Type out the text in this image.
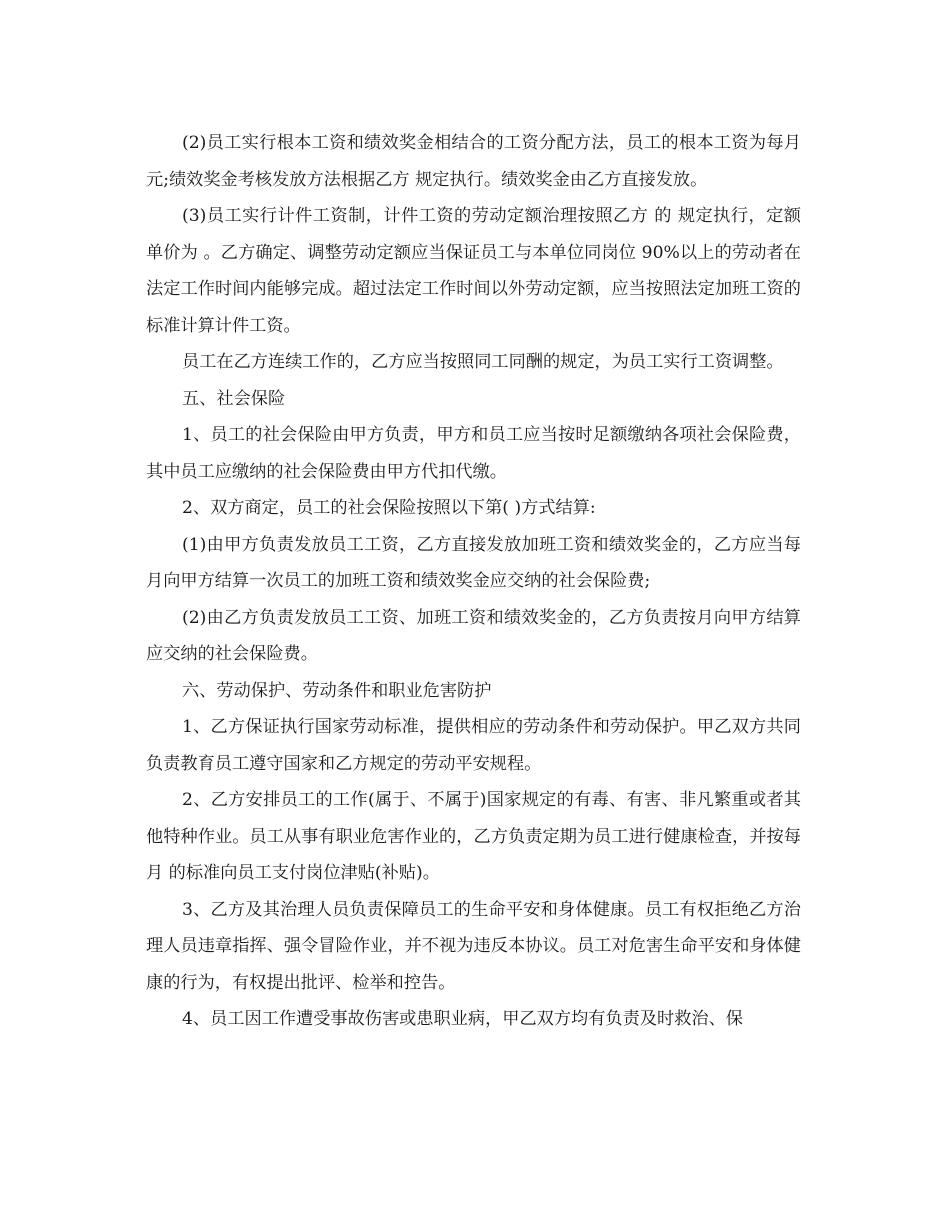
(2)员工实行根本工资和绩效奖金相结合的工资分配方法，员工的根本工资为每月 元;绩效奖金考核发放方法根据乙方 规定执行。绩效奖金由乙方直接发放。

(3)员工实行计件工资制，计件工资的劳动定额治理按照乙方 的 规定执行，定额单价为 。乙方确定、调整劳动定额应当保证员工与本单位同岗位 90%以上的劳动者在法定工作时间内能够完成。超过法定工作时间以外劳动定额，应当按照法定加班工资的标准计算计件工资。

员工在乙方连续工作的，乙方应当按照同工同酬的规定，为员工实行工资调整。

五、社会保险

1、员工的社会保险由甲方负责，甲方和员工应当按时足额缴纳各项社会保险费，其中员工应缴纳的社会保险费由甲方代扣代缴。

2、双方商定，员工的社会保险按照以下第( )方式结算:

(1)由甲方负责发放员工工资，乙方直接发放加班工资和绩效奖金的，乙方应当每月向甲方结算一次员工的加班工资和绩效奖金应交纳的社会保险费;

(2)由乙方负责发放员工工资、加班工资和绩效奖金的，乙方负责按月向甲方结算应交纳的社会保险费。

六、劳动保护、劳动条件和职业危害防护

1、乙方保证执行国家劳动标准，提供相应的劳动条件和劳动保护。甲乙双方共同负责教育员工遵守国家和乙方规定的劳动平安规程。

2、乙方安排员工的工作(属于、不属于)国家规定的有毒、有害、非凡繁重或者其他特种作业。员工从事有职业危害作业的，乙方负责定期为员工进行健康检查，并按每月 的标准向员工支付岗位津贴(补贴)。

3、乙方及其治理人员负责保障员工的生命平安和身体健康。员工有权拒绝乙方治理人员违章指挥、强令冒险作业，并不视为违反本协议。员工对危害生命平安和身体健康的行为，有权提出批评、检举和控告。

4、员工因工作遭受事故伤害或患职业病，甲乙双方均有负责及时救治、保
